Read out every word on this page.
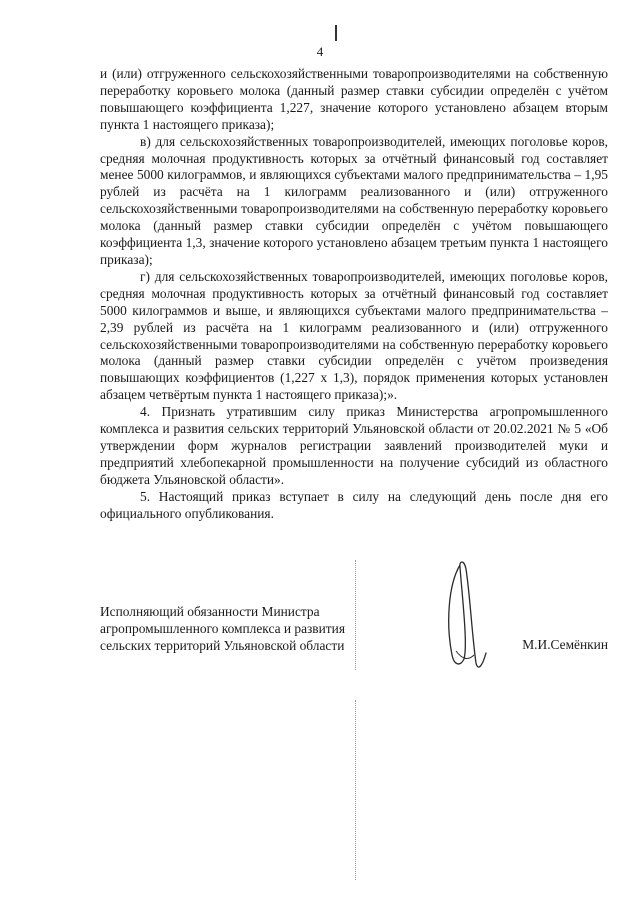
4

и (или) отгруженного сельскохозяйственными товаропроизводителями на собственную переработку коровьего молока (данный размер ставки субсидии определён с учётом повышающего коэффициента 1,227, значение которого установлено абзацем вторым пункта 1 настоящего приказа);

в) для сельскохозяйственных товаропроизводителей, имеющих поголовье коров, средняя молочная продуктивность которых за отчётный финансовый год составляет менее 5000 килограммов, и являющихся субъектами малого предпринимательства – 1,95 рублей из расчёта на 1 килограмм реализованного и (или) отгруженного сельскохозяйственными товаропроизводителями на собственную переработку коровьего молока (данный размер ставки субсидии определён с учётом повышающего коэффициента 1,3, значение которого установлено абзацем третьим пункта 1 настоящего приказа);

г) для сельскохозяйственных товаропроизводителей, имеющих поголовье коров, средняя молочная продуктивность которых за отчётный финансовый год составляет 5000 килограммов и выше, и являющихся субъектами малого предпринимательства – 2,39 рублей из расчёта на 1 килограмм реализованного и (или) отгруженного сельскохозяйственными товаропроизводителями на собственную переработку коровьего молока (данный размер ставки субсидии определён с учётом произведения повышающих коэффициентов (1,227 х 1,3), порядок применения которых установлен абзацем четвёртым пункта 1 настоящего приказа);».

4. Признать утратившим силу приказ Министерства агропромышленного комплекса и развития сельских территорий Ульяновской области от 20.02.2021 № 5 «Об утверждении форм журналов регистрации заявлений производителей муки и предприятий хлебопекарной промышленности на получение субсидий из областного бюджета Ульяновской области».

5. Настоящий приказ вступает в силу на следующий день после дня его официального опубликования.

Исполняющий обязанности Министра
агропромышленного комплекса и развития
сельских территорий Ульяновской области	М.И.Семёнкин
